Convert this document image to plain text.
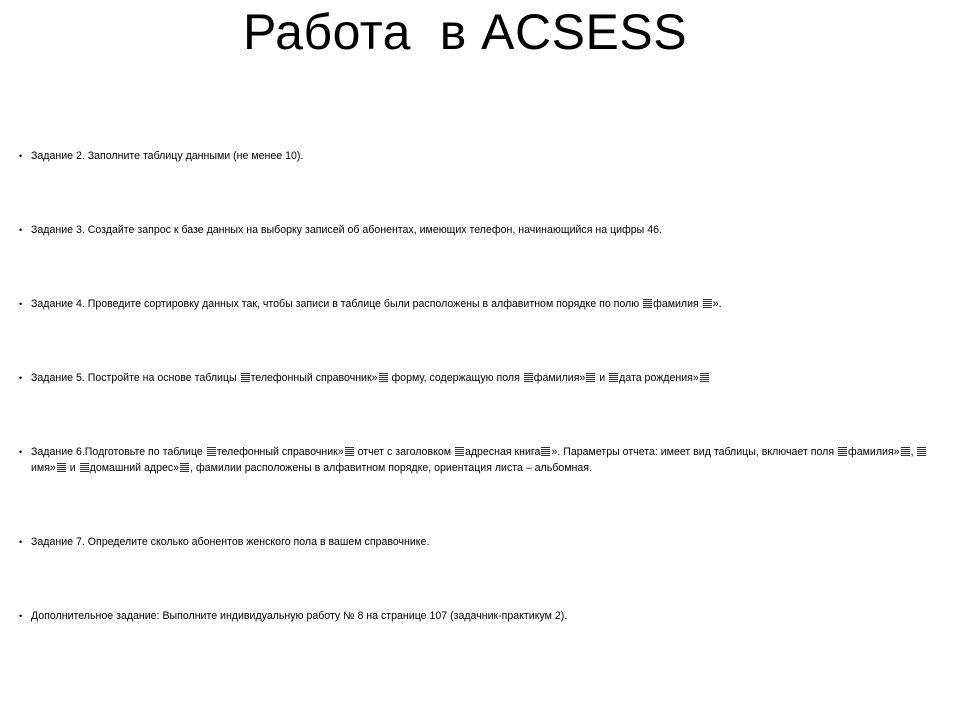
Работа  в ACSESS
• Задание 2. Заполните таблицу данными (не менее 10).
• Задание 3. Создайте запрос к базе данных на выборку записей об абонентах, имеющих телефон, начинающийся на цифры 46.
• Задание 4. Проведите сортировку данных так, чтобы записи в таблице были расположены в алфавитном порядке по полю фамилия ».
• Задание 5. Постройте на основе таблицы телефонный справочник» форму, содержащую поля фамилия» и дата рождения»
• Задание 6.Подготовьте по таблице телефонный справочник» отчет с заголовком адресная книга ». Параметры отчета: имеет вид таблицы, включает поля фамилия» , имя» и домашний адрес» , фамилии расположены в алфавитном порядке, ориентация листа – альбомная.
• Задание 7. Определите сколько абонентов женского пола в вашем справочнике.
• Дополнительное задание: Выполните индивидуальную работу № 8 на странице 107 (задачник-практикум 2).
